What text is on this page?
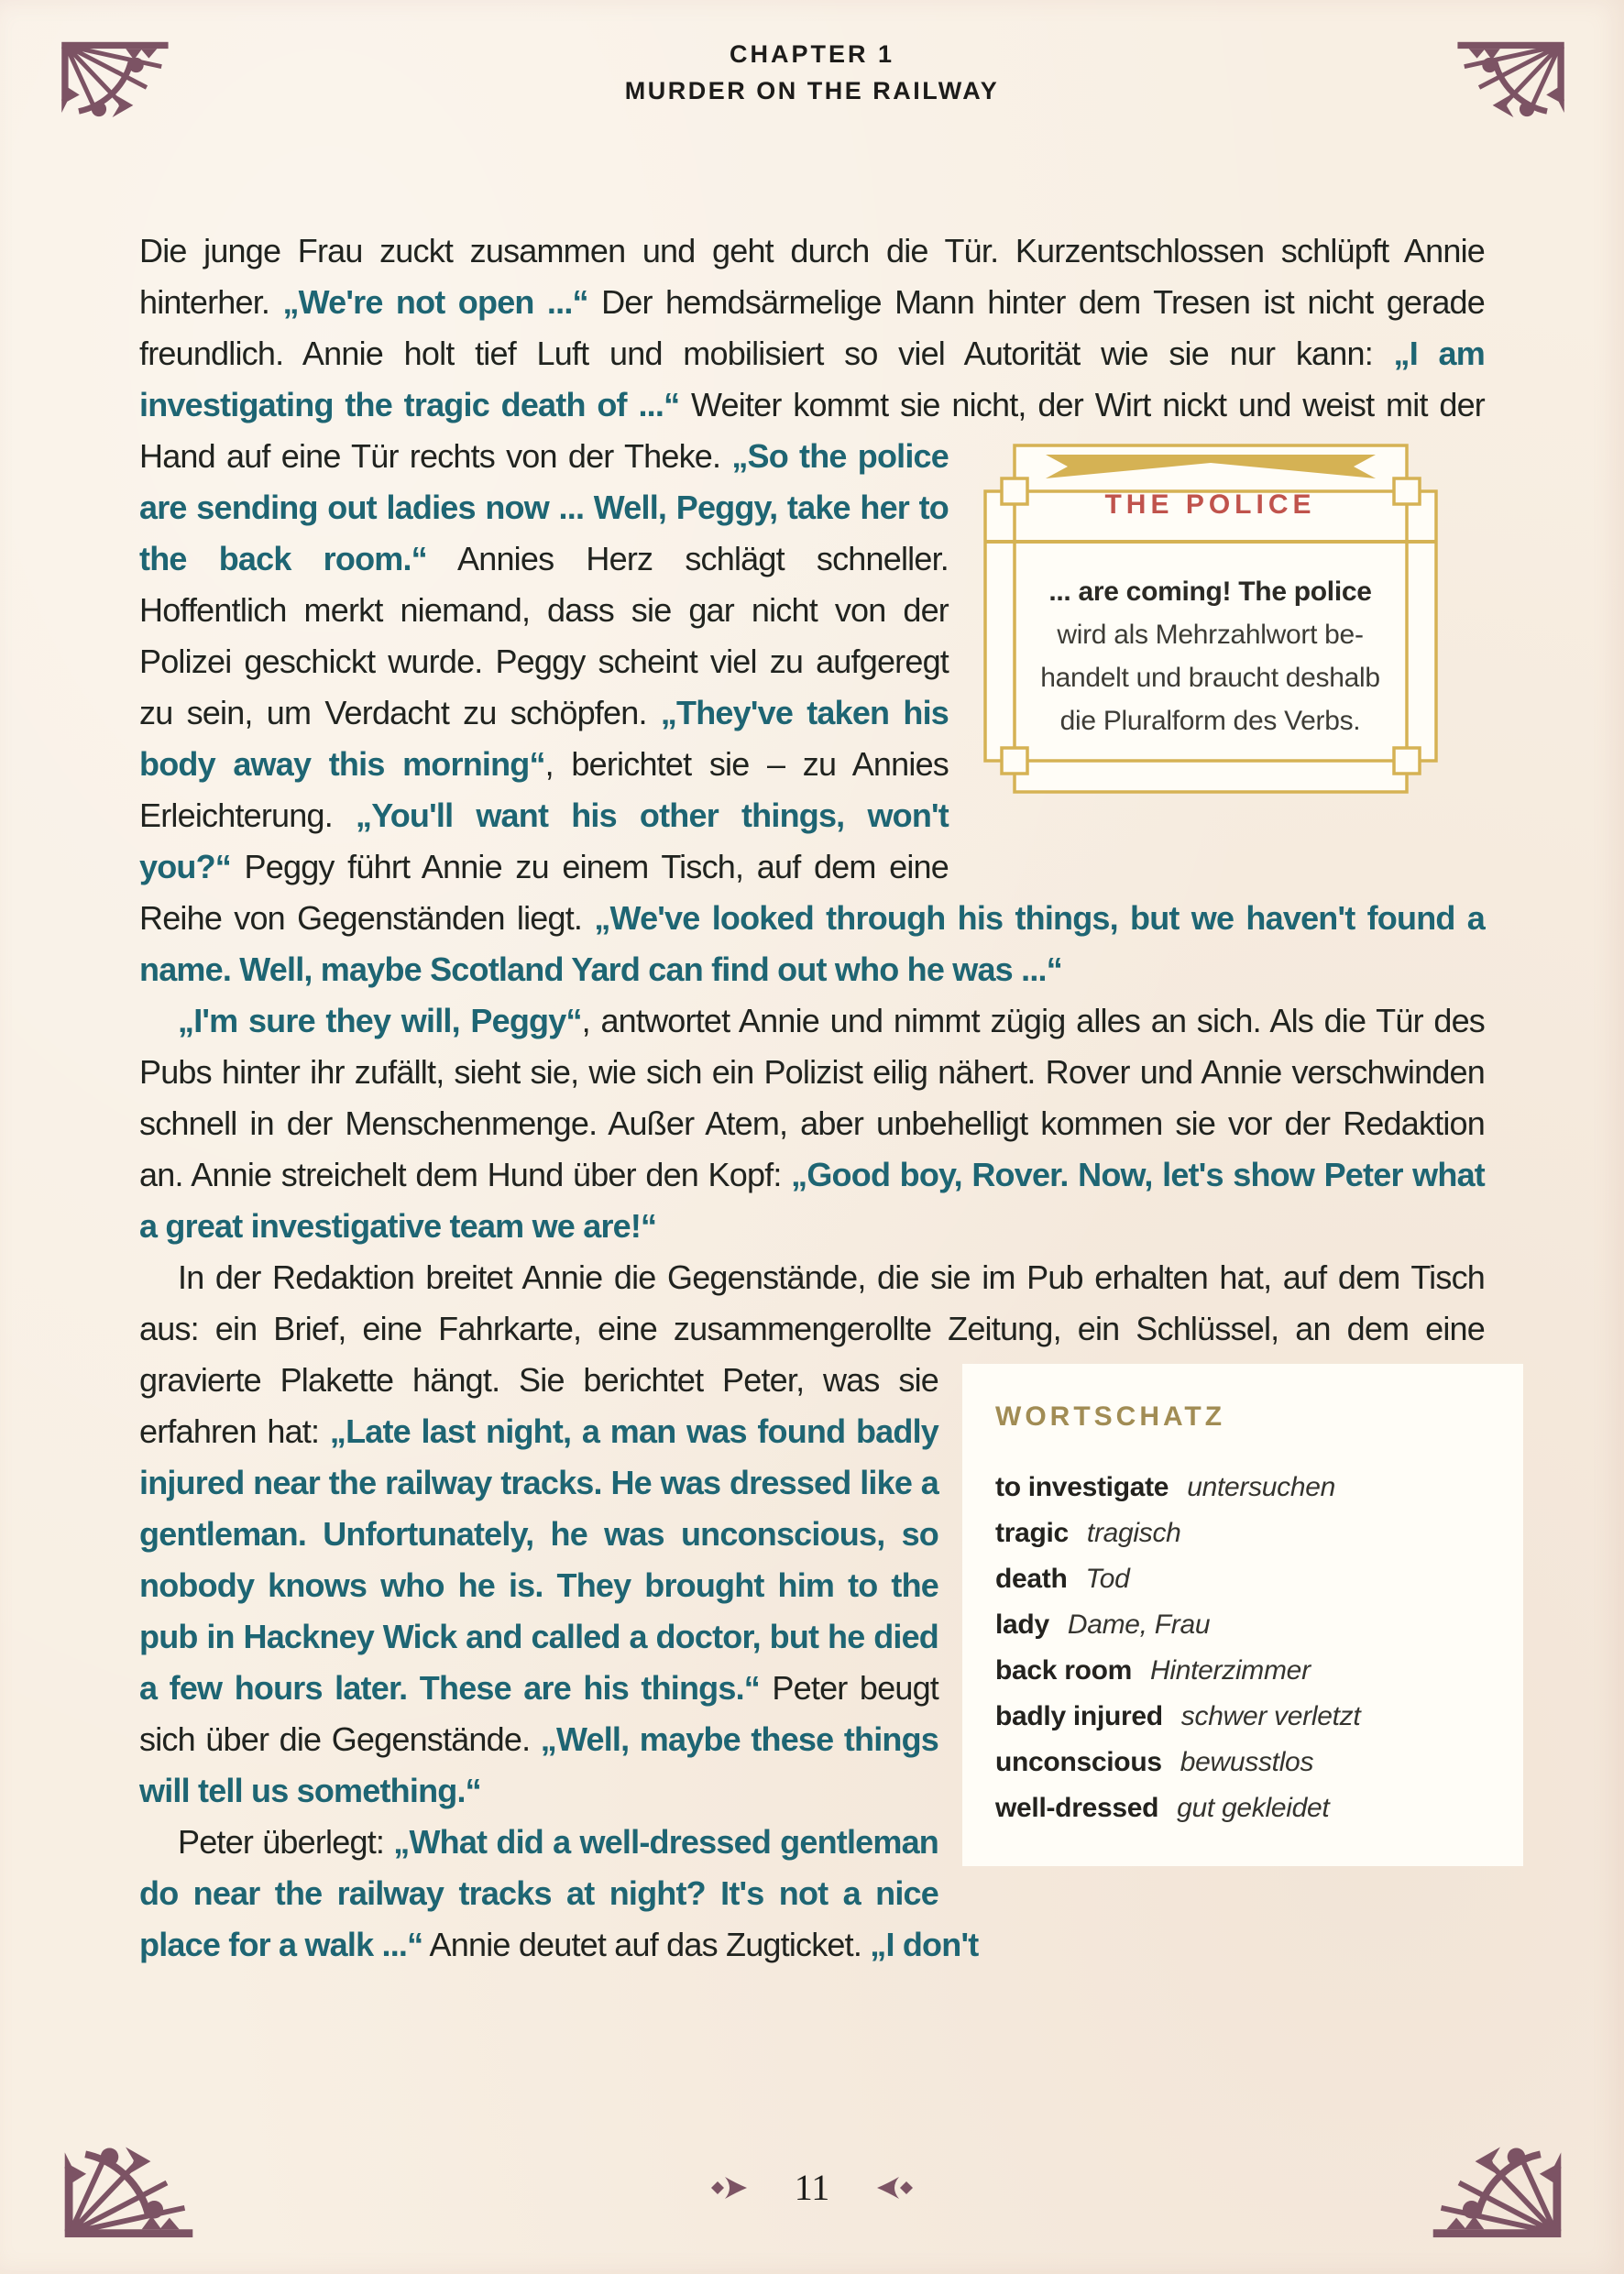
CHAPTER 1
MURDER ON THE RAILWAY
Die junge Frau zuckt zusammen und geht durch die Tür. Kurzentschlossen schlüpft Annie hinterher. „We're not open ...“ Der hemdsärmelige Mann hinter dem Tresen ist nicht gerade freundlich. Annie holt tief Luft und mobilisiert so viel Autorität wie sie nur kann: „I am investigating the tragic death of ...“ Weiter kommt sie nicht, der
THE POLICE
... are coming! The police
wird als Mehrzahlwort be-
handelt und braucht deshalb
die Pluralform des Verbs.
Wirt nickt und weist mit der Hand auf eine Tür rechts von der Theke. „So the police are sending out ladies now ... Well, Peggy, take her to the back room.“ Annies Herz schlägt schneller. Hoffentlich merkt niemand, dass sie gar nicht von der Polizei geschickt wurde. Peggy scheint viel zu aufgeregt zu sein, um Verdacht zu schöpfen. „They've taken his body away this morning“, berichtet sie – zu Annies Erleichterung. „You'll want his other things, won't you?“ Peggy führt Annie zu einem Tisch, auf dem eine Reihe von Gegenständen liegt. „We've looked through his things, but we haven't found a name. Well, maybe Scotland Yard can find out who he was ...“
„I'm sure they will, Peggy“, antwortet Annie und nimmt zügig alles an sich. Als die Tür des Pubs hinter ihr zufällt, sieht sie, wie sich ein Polizist eilig nähert. Rover und Annie verschwinden schnell in der Menschenmenge. Außer Atem, aber unbehelligt kommen sie vor der Redaktion an. Annie streichelt dem Hund über den Kopf: „Good boy, Rover. Now, let's show Peter what a great investigative team we are!“
In der Redaktion breitet Annie die Gegenstände, die sie im Pub erhalten hat, auf dem Tisch aus: ein Brief, eine Fahrkarte, eine zusammengerollte Zeitung,
WORTSCHATZ
to investigate untersuchen
tragic tragisch
death Tod
lady Dame, Frau
back room Hinterzimmer
badly injured schwer verletzt
unconscious bewusstlos
well-dressed gut gekleidet
ein Schlüssel, an dem eine gravierte Plakette hängt. Sie berichtet Peter, was sie erfahren hat: „Late last night, a man was found badly injured near the railway tracks. He was dressed like a gentleman. Unfortunately, he was unconscious, so nobody knows who he is. They brought him to the pub in Hackney Wick and called a doctor, but he died a few hours later. These are his things.“ Peter beugt sich über die Gegenstände. „Well, maybe these things will tell us something.“
Peter überlegt: „What did a well-dressed gentleman do near the railway tracks at night? It's not a nice place for a walk ...“ Annie deutet auf das Zugticket. „I don't
11
